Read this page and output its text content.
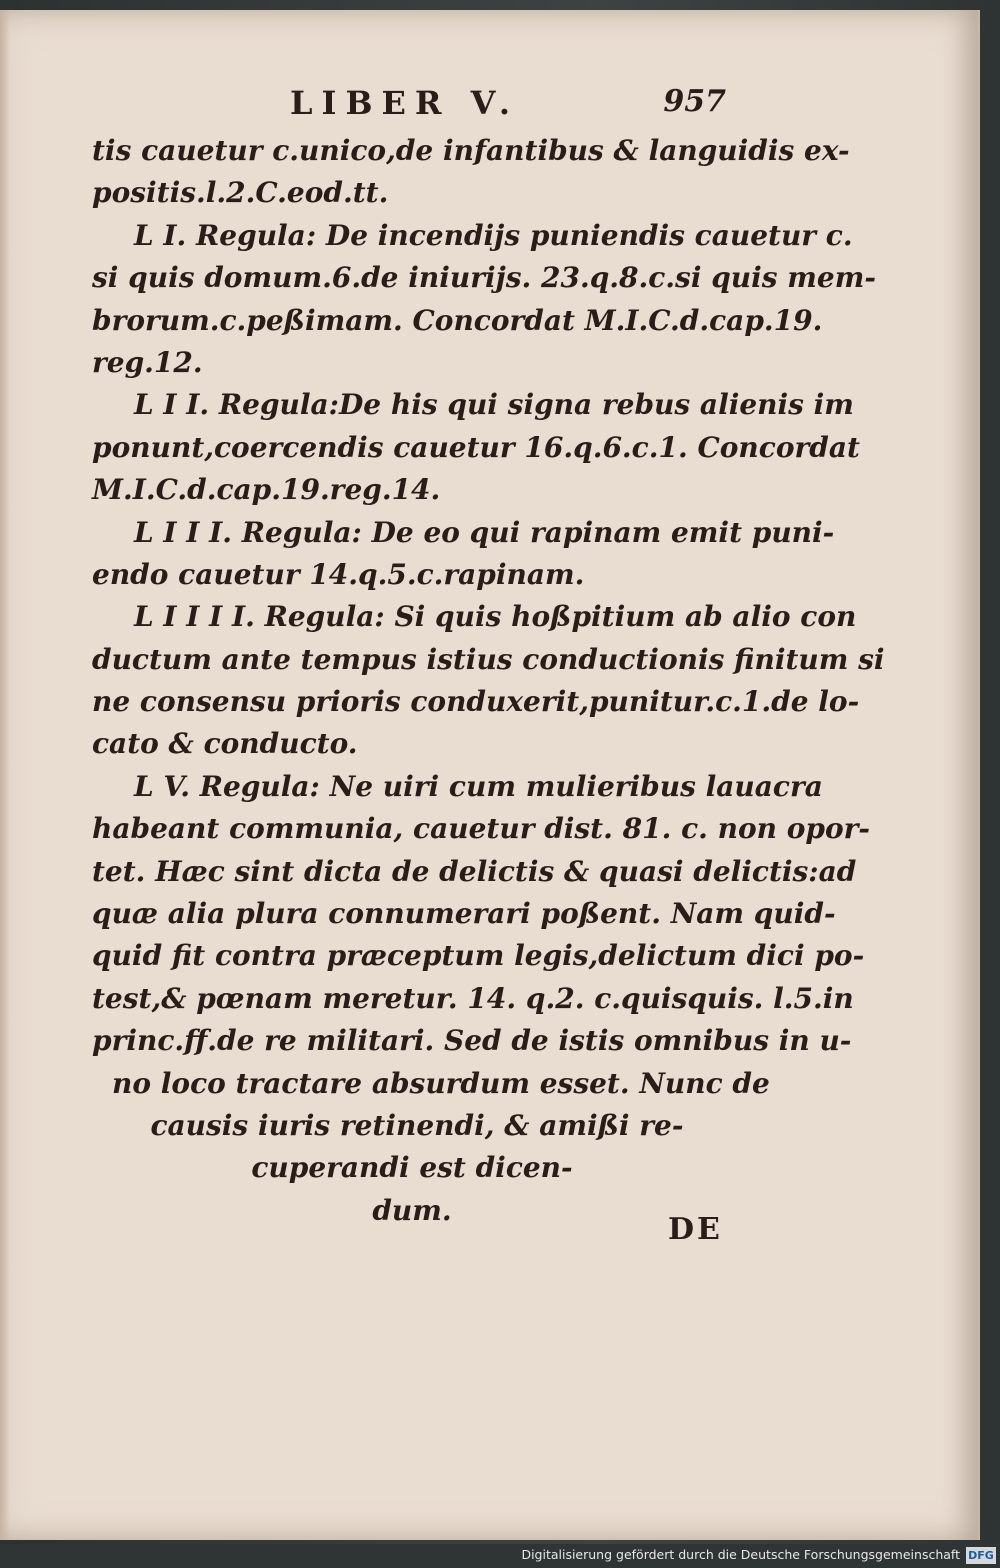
LIBER V.	957
tis cauetur c.unico,de infantibus & languidis ex-
positis.l.2.C.eod.tt.
L I. Regula: De incendijs puniendis cauetur c.
si quis domum.6.de iniurijs. 23.q.8.c.si quis mem-
brorum.c.peßimam. Concordat M.I.C.d.cap.19.
reg.12.
L I I. Regula:De his qui signa rebus alienis im
ponunt,coercendis cauetur 16.q.6.c.1. Concordat
M.I.C.d.cap.19.reg.14.
L I I I. Regula: De eo qui rapinam emit puni-
endo cauetur 14.q.5.c.rapinam.
L I I I I. Regula: Si quis hoßpitium ab alio con
ductum ante tempus istius conductionis finitum si
ne consensu prioris conduxerit,punitur.c.1.de lo-
cato & conducto.
L V. Regula: Ne uiri cum mulieribus lauacra
habeant communia, cauetur dist. 81. c. non opor-
tet. Hæc sint dicta de delictis & quasi delictis:ad
quæ alia plura connumerari poßent. Nam quid-
quid fit contra præceptum legis,delictum dici po-
test,& pœnam meretur. 14. q.2. c.quisquis. l.5.in
princ.ff.de re militari. Sed de istis omnibus in u-
no loco tractare absurdum esset. Nunc de
causis iuris retinendi, & amißi re-
cuperandi est dicen-
dum.
DE
Digitalisierung gefördert durch die Deutsche Forschungsgemeinschaft DFG
